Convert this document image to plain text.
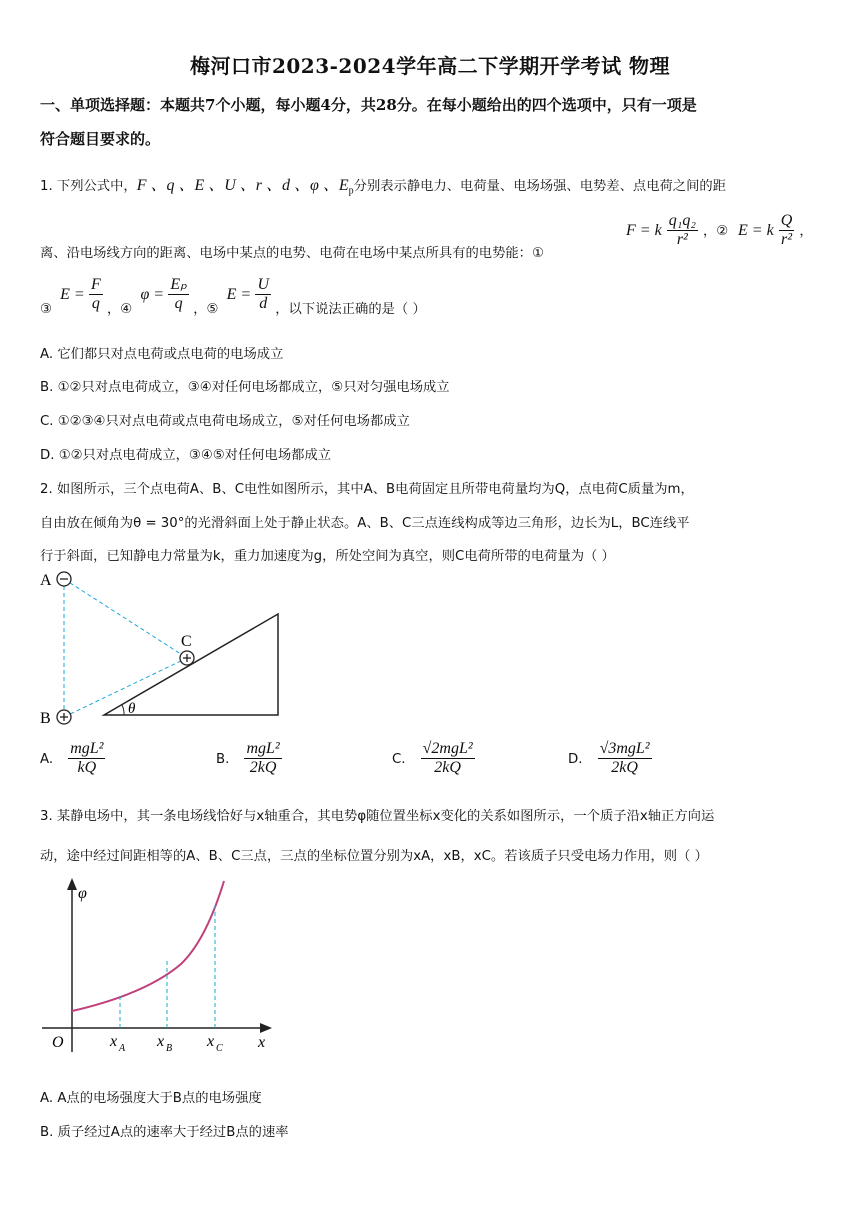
梅河口市2023-2024学年高二下学期开学考试 物理
一、单项选择题：本题共7个小题，每小题4分，共28分。在每小题给出的四个选项中，只有一项是
符合题目要求的。
1. 下列公式中，F 、q 、E 、U 、r 、d 、φ 、$E_p$分别表示静电力、电荷量、电场场强、电势差、点电荷之间的距
离、沿电场线方向的距离、电场中某点的电势、电荷在电场中某点所具有的电势能：①
F = k $\frac{\text{q₁q₂}}{\text{r²}}$ ，② E = k $\frac{Q}{\text{r²}}$ ，
③ $E = \frac{F}{q}$ ，④ $\varphi = \frac{\text{Eₚ}}{q}$ ，⑤ $E = \frac{U}{d}$ ，以下说法正确的是（ ）
A. 它们都只对点电荷或点电荷的电场成立
B. ①②只对点电荷成立，③④对任何电场都成立，⑤只对匀强电场成立
C. ①②③④只对点电荷或点电荷电场成立，⑤对任何电场都成立
D. ①②只对点电荷成立，③④⑤对任何电场都成立
2. 如图所示，三个点电荷A、B、C电性如图所示，其中A、B电荷固定且所带电荷量均为Q，点电荷C质量为m，
自由放在倾角为θ = 30°的光滑斜面上处于静止状态。A、B、C三点连线构成等边三角形，边长为L，BC连线平
行于斜面，已知静电力常量为k，重力加速度为g，所处空间为真空，则C电荷所带的电荷量为（ ）
A
B
C
θ
A. $\frac{\text{mgL²}}{kQ}$	B. $\frac{\text{mgL²}}{2kQ}$	C. $\frac{\text{√2mgL²}}{2kQ}$	D. $\frac{\text{√3mgL²}}{2kQ}$
3. 某静电场中，其一条电场线恰好与x轴重合，其电势φ随位置坐标x变化的关系如图所示，一个质子沿x轴正方向运
动，途中经过间距相等的A、B、C三点，三点的坐标位置分别为xA，xB，xC。若该质子只受电场力作用，则（ ）
φ
O	x A x B x C x
A. A点的电场强度大于B点的电场强度
B. 质子经过A点的速率大于经过B点的速率
